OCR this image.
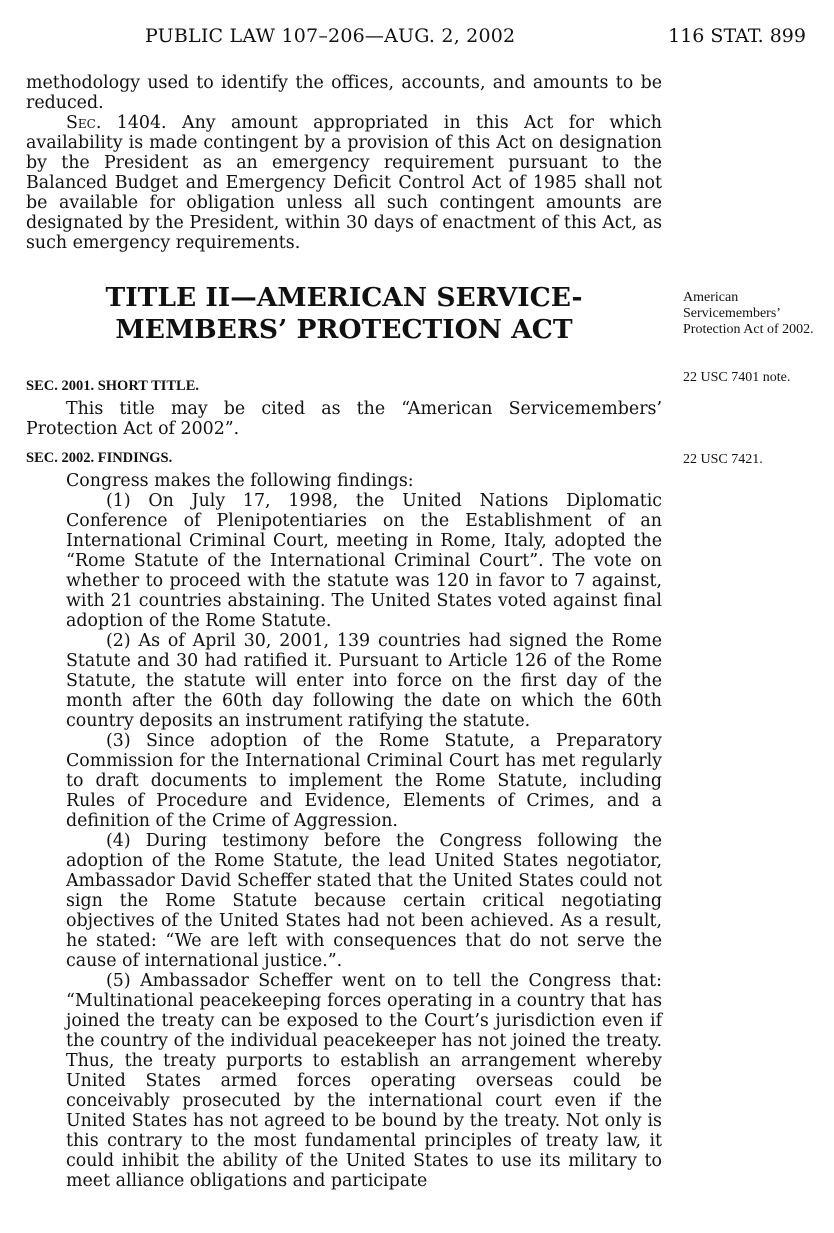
PUBLIC LAW 107–206—AUG. 2, 2002	116 STAT. 899

methodology used to identify the offices, accounts, and amounts to be reduced.

Sec. 1404. Any amount appropriated in this Act for which availability is made contingent by a provision of this Act on designation by the President as an emergency requirement pursuant to the Balanced Budget and Emergency Deficit Control Act of 1985 shall not be available for obligation unless all such contingent amounts are designated by the President, within 30 days of enactment of this Act, as such emergency requirements.

TITLE II—AMERICAN SERVICE-
MEMBERS’ PROTECTION ACT
SEC. 2001. SHORT TITLE.

This title may be cited as the “American Servicemembers’ Protection Act of 2002”.

SEC. 2002. FINDINGS.

Congress makes the following findings:

(1) On July 17, 1998, the United Nations Diplomatic Conference of Plenipotentiaries on the Establishment of an International Criminal Court, meeting in Rome, Italy, adopted the “Rome Statute of the International Criminal Court”. The vote on whether to proceed with the statute was 120 in favor to 7 against, with 21 countries abstaining. The United States voted against final adoption of the Rome Statute.

(2) As of April 30, 2001, 139 countries had signed the Rome Statute and 30 had ratified it. Pursuant to Article 126 of the Rome Statute, the statute will enter into force on the first day of the month after the 60th day following the date on which the 60th country deposits an instrument ratifying the statute.

(3) Since adoption of the Rome Statute, a Preparatory Commission for the International Criminal Court has met regularly to draft documents to implement the Rome Statute, including Rules of Procedure and Evidence, Elements of Crimes, and a definition of the Crime of Aggression.

(4) During testimony before the Congress following the adoption of the Rome Statute, the lead United States negotiator, Ambassador David Scheffer stated that the United States could not sign the Rome Statute because certain critical negotiating objectives of the United States had not been achieved. As a result, he stated: “We are left with consequences that do not serve the cause of international justice.”.

(5) Ambassador Scheffer went on to tell the Congress that: “Multinational peacekeeping forces operating in a country that has joined the treaty can be exposed to the Court’s jurisdiction even if the country of the individual peacekeeper has not joined the treaty. Thus, the treaty purports to establish an arrangement whereby United States armed forces operating overseas could be conceivably prosecuted by the international court even if the United States has not agreed to be bound by the treaty. Not only is this contrary to the most fundamental principles of treaty law, it could inhibit the ability of the United States to use its military to meet alliance obligations and participate

American Servicemembers’ Protection Act of 2002.
22 USC 7401 note.
22 USC 7421.
